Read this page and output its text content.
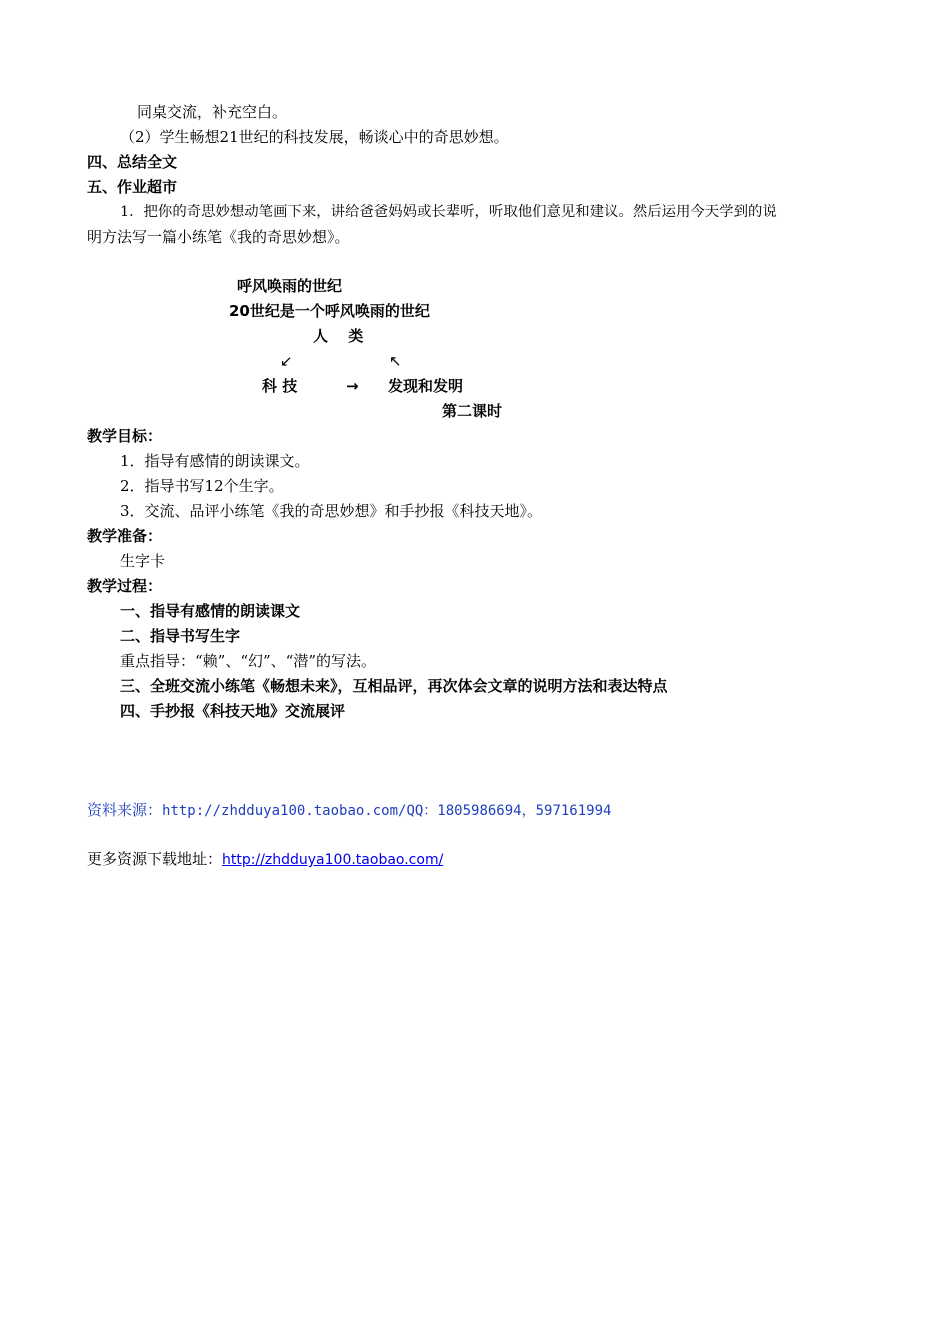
同桌交流，补充空白。
（2）学生畅想21世纪的科技发展，畅谈心中的奇思妙想。
四、总结全文
五、作业超市
1．把你的奇思妙想动笔画下来，讲给爸爸妈妈或长辈听，听取他们意见和建议。然后运用今天学到的说
明方法写一篇小练笔《我的奇思妙想》。
呼风唤雨的世纪
20世纪是一个呼风唤雨的世纪
人　 类
↙	↖
科 技	→ 发现和发明
第二课时
教学目标：
1．指导有感情的朗读课文。
2．指导书写12个生字。
3．交流、品评小练笔《我的奇思妙想》和手抄报《科技天地》。
教学准备：
生字卡
教学过程：
一、指导有感情的朗读课文
二、指导书写生字
重点指导：“赖”、“幻”、“潜”的写法。
三、全班交流小练笔《畅想未来》，互相品评，再次体会文章的说明方法和表达特点
四、手抄报《科技天地》交流展评
资料来源：http://zhdduya100.taobao.com/QQ：1805986694，597161994
更多资源下载地址：http://zhdduya100.taobao.com/
